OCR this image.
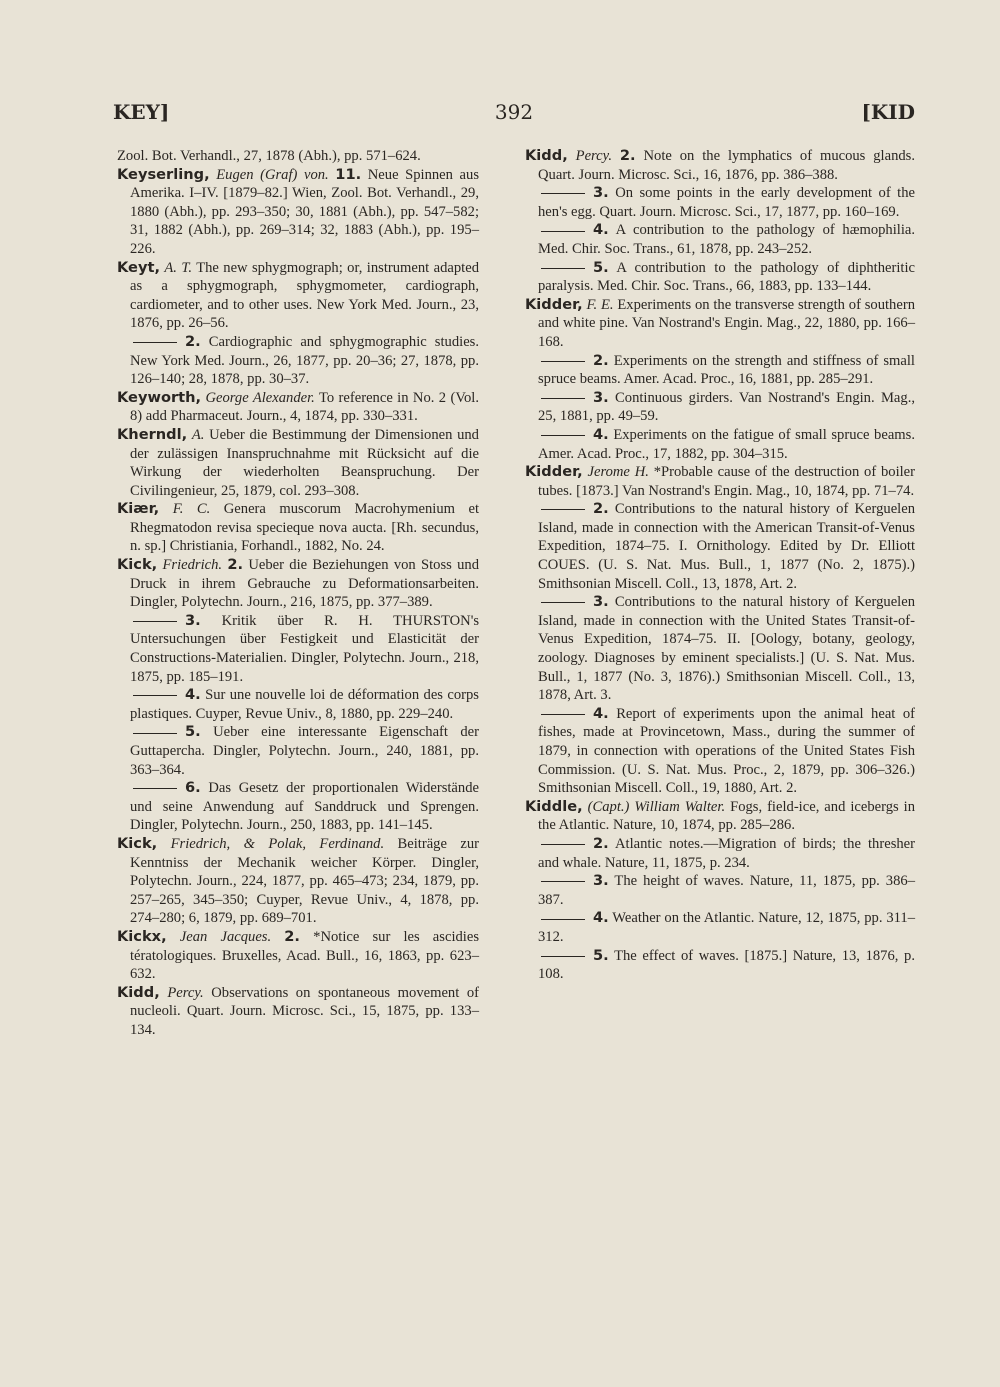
KEY]	392	[KID
Zool. Bot. Verhandl., 27, 1878 (Abh.), pp. 571–624.
Keyserling, Eugen (Graf) von. 11. Neue Spinnen aus Amerika. I–IV. [1879–82.] Wien, Zool. Bot. Verhandl., 29, 1880 (Abh.), pp. 293–350; 30, 1881 (Abh.), pp. 547–582; 31, 1882 (Abh.), pp. 269–314; 32, 1883 (Abh.), pp. 195–226.
Keyt, A. T. The new sphygmograph; or, instrument adapted as a sphygmograph, sphygmometer, cardiograph, cardiometer, and to other uses. New York Med. Journ., 23, 1876, pp. 26–56.
2. Cardiographic and sphygmographic studies. New York Med. Journ., 26, 1877, pp. 20–36; 27, 1878, pp. 126–140; 28, 1878, pp. 30–37.
Keyworth, George Alexander. To reference in No. 2 (Vol. 8) add Pharmaceut. Journ., 4, 1874, pp. 330–331.
Kherndl, A. Ueber die Bestimmung der Dimensionen und der zulässigen Inanspruchnahme mit Rücksicht auf die Wirkung der wiederholten Beanspruchung. Der Civilingenieur, 25, 1879, col. 293–308.
Kiær, F. C. Genera muscorum Macrohymenium et Rhegmatodon revisa specieque nova aucta. [Rh. secundus, n. sp.] Christiania, Forhandl., 1882, No. 24.
Kick, Friedrich. 2. Ueber die Beziehungen von Stoss und Druck in ihrem Gebrauche zu Deformationsarbeiten. Dingler, Polytechn. Journ., 216, 1875, pp. 377–389.
3. Kritik über R. H. THURSTON's Untersuchungen über Festigkeit und Elasticität der Constructions-Materialien. Dingler, Polytechn. Journ., 218, 1875, pp. 185–191.
4. Sur une nouvelle loi de déformation des corps plastiques. Cuyper, Revue Univ., 8, 1880, pp. 229–240.
5. Ueber eine interessante Eigenschaft der Guttapercha. Dingler, Polytechn. Journ., 240, 1881, pp. 363–364.
6. Das Gesetz der proportionalen Widerstände und seine Anwendung auf Sanddruck und Sprengen. Dingler, Polytechn. Journ., 250, 1883, pp. 141–145.
Kick, Friedrich, & Polak, Ferdinand. Beiträge zur Kenntniss der Mechanik weicher Körper. Dingler, Polytechn. Journ., 224, 1877, pp. 465–473; 234, 1879, pp. 257–265, 345–350; Cuyper, Revue Univ., 4, 1878, pp. 274–280; 6, 1879, pp. 689–701.
Kickx, Jean Jacques. 2. *Notice sur les ascidies tératologiques. Bruxelles, Acad. Bull., 16, 1863, pp. 623–632.
Kidd, Percy. Observations on spontaneous movement of nucleoli. Quart. Journ. Microsc. Sci., 15, 1875, pp. 133–134.
Kidd, Percy. 2. Note on the lymphatics of mucous glands. Quart. Journ. Microsc. Sci., 16, 1876, pp. 386–388.
3. On some points in the early development of the hen's egg. Quart. Journ. Microsc. Sci., 17, 1877, pp. 160–169.
4. A contribution to the pathology of hæmophilia. Med. Chir. Soc. Trans., 61, 1878, pp. 243–252.
5. A contribution to the pathology of diphtheritic paralysis. Med. Chir. Soc. Trans., 66, 1883, pp. 133–144.
Kidder, F. E. Experiments on the transverse strength of southern and white pine. Van Nostrand's Engin. Mag., 22, 1880, pp. 166–168.
2. Experiments on the strength and stiffness of small spruce beams. Amer. Acad. Proc., 16, 1881, pp. 285–291.
3. Continuous girders. Van Nostrand's Engin. Mag., 25, 1881, pp. 49–59.
4. Experiments on the fatigue of small spruce beams. Amer. Acad. Proc., 17, 1882, pp. 304–315.
Kidder, Jerome H. *Probable cause of the destruction of boiler tubes. [1873.] Van Nostrand's Engin. Mag., 10, 1874, pp. 71–74.
2. Contributions to the natural history of Kerguelen Island, made in connection with the American Transit-of-Venus Expedition, 1874–75. I. Ornithology. Edited by Dr. Elliott COUES. (U. S. Nat. Mus. Bull., 1, 1877 (No. 2, 1875).) Smithsonian Miscell. Coll., 13, 1878, Art. 2.
3. Contributions to the natural history of Kerguelen Island, made in connection with the United States Transit-of-Venus Expedition, 1874–75. II. [Oology, botany, geology, zoology. Diagnoses by eminent specialists.] (U. S. Nat. Mus. Bull., 1, 1877 (No. 3, 1876).) Smithsonian Miscell. Coll., 13, 1878, Art. 3.
4. Report of experiments upon the animal heat of fishes, made at Provincetown, Mass., during the summer of 1879, in connection with operations of the United States Fish Commission. (U. S. Nat. Mus. Proc., 2, 1879, pp. 306–326.) Smithsonian Miscell. Coll., 19, 1880, Art. 2.
Kiddle, (Capt.) William Walter. Fogs, field-ice, and icebergs in the Atlantic. Nature, 10, 1874, pp. 285–286.
2. Atlantic notes.—Migration of birds; the thresher and whale. Nature, 11, 1875, p. 234.
3. The height of waves. Nature, 11, 1875, pp. 386–387.
4. Weather on the Atlantic. Nature, 12, 1875, pp. 311–312.
5. The effect of waves. [1875.] Nature, 13, 1876, p. 108.
